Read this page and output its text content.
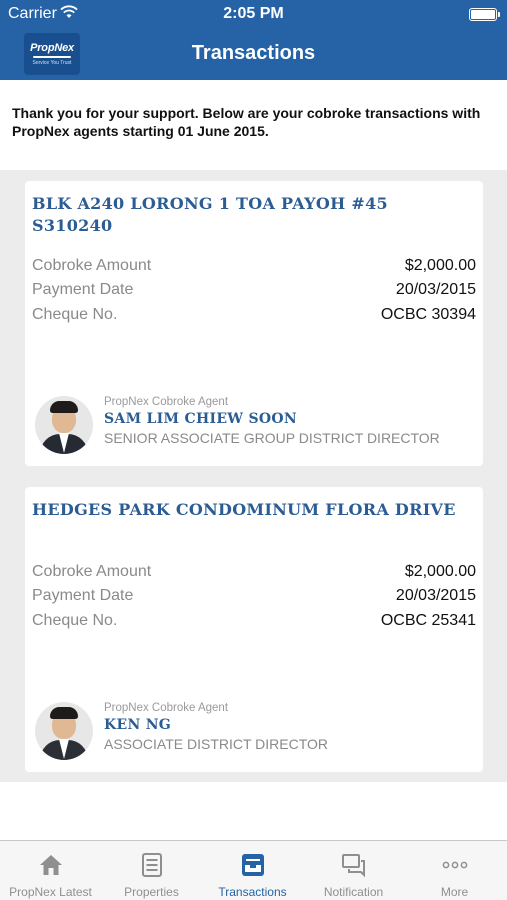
Carrier	2:05 PM
PropNex
Service You Trust	Transactions
Thank you for your support. Below are your cobroke transactions with PropNex agents starting 01 June 2015.
BLK A240 LORONG 1 TOA PAYOH #45 S310240
Cobroke Amount	$2,000.00
Payment Date	20/03/2015
Cheque No.	OCBC 30394
PropNex Cobroke Agent
SAM LIM CHIEW SOON
SENIOR ASSOCIATE GROUP DISTRICT DIRECTOR
HEDGES PARK CONDOMINUM FLORA DRIVE
Cobroke Amount	$2,000.00
Payment Date	20/03/2015
Cheque No.	OCBC 25341
PropNex Cobroke Agent
KEN NG
ASSOCIATE DISTRICT DIRECTOR
PropNex Latest	Properties	Transactions	Notification	More
